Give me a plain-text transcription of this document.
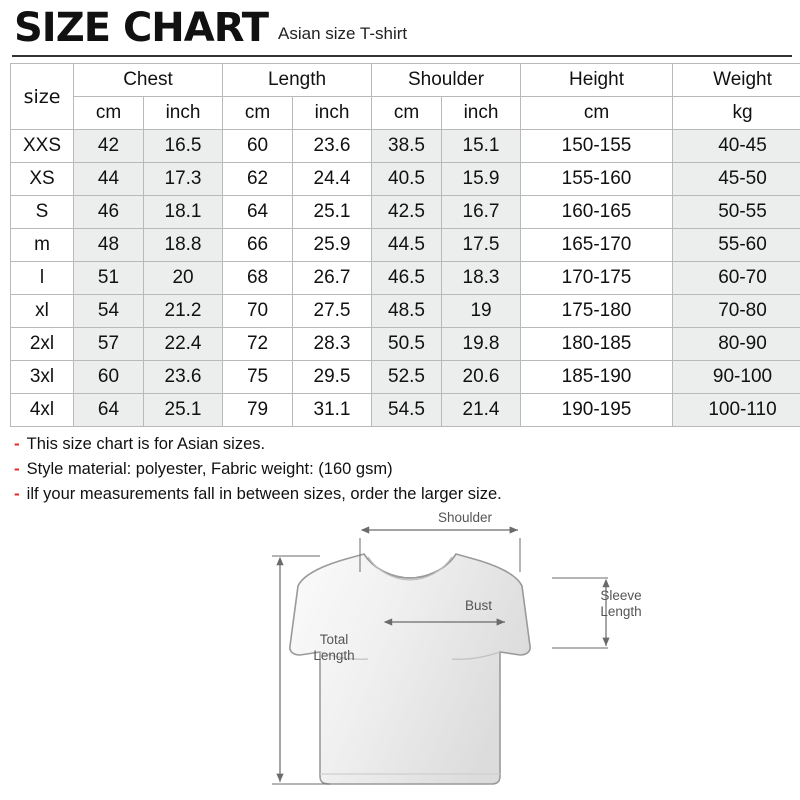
SIZE CHART Asian size T-shirt
size	Chest		Length		Shoulder		Height	Weight
	cm	inch	cm	inch	cm	inch	cm	kg
XXS	42	16.5	60	23.6	38.5	15.1	150-155	40-45
XS	44	17.3	62	24.4	40.5	15.9	155-160	45-50
S	46	18.1	64	25.1	42.5	16.7	160-165	50-55
m	48	18.8	66	25.9	44.5	17.5	165-170	55-60
l	51	20	68	26.7	46.5	18.3	170-175	60-70
xl	54	21.2	70	27.5	48.5	19	175-180	70-80
2xl	57	22.4	72	28.3	50.5	19.8	180-185	80-90
3xl	60	23.6	75	29.5	52.5	20.6	185-190	90-100
4xl	64	25.1	79	31.1	54.5	21.4	190-195	100-110
- This size chart is for Asian sizes.
- Style material: polyester, Fabric weight: (160 gsm)
- ilf your measurements fall in between sizes, order the larger size.
Shoulder
Bust
Sleeve
Length
Total
Length
